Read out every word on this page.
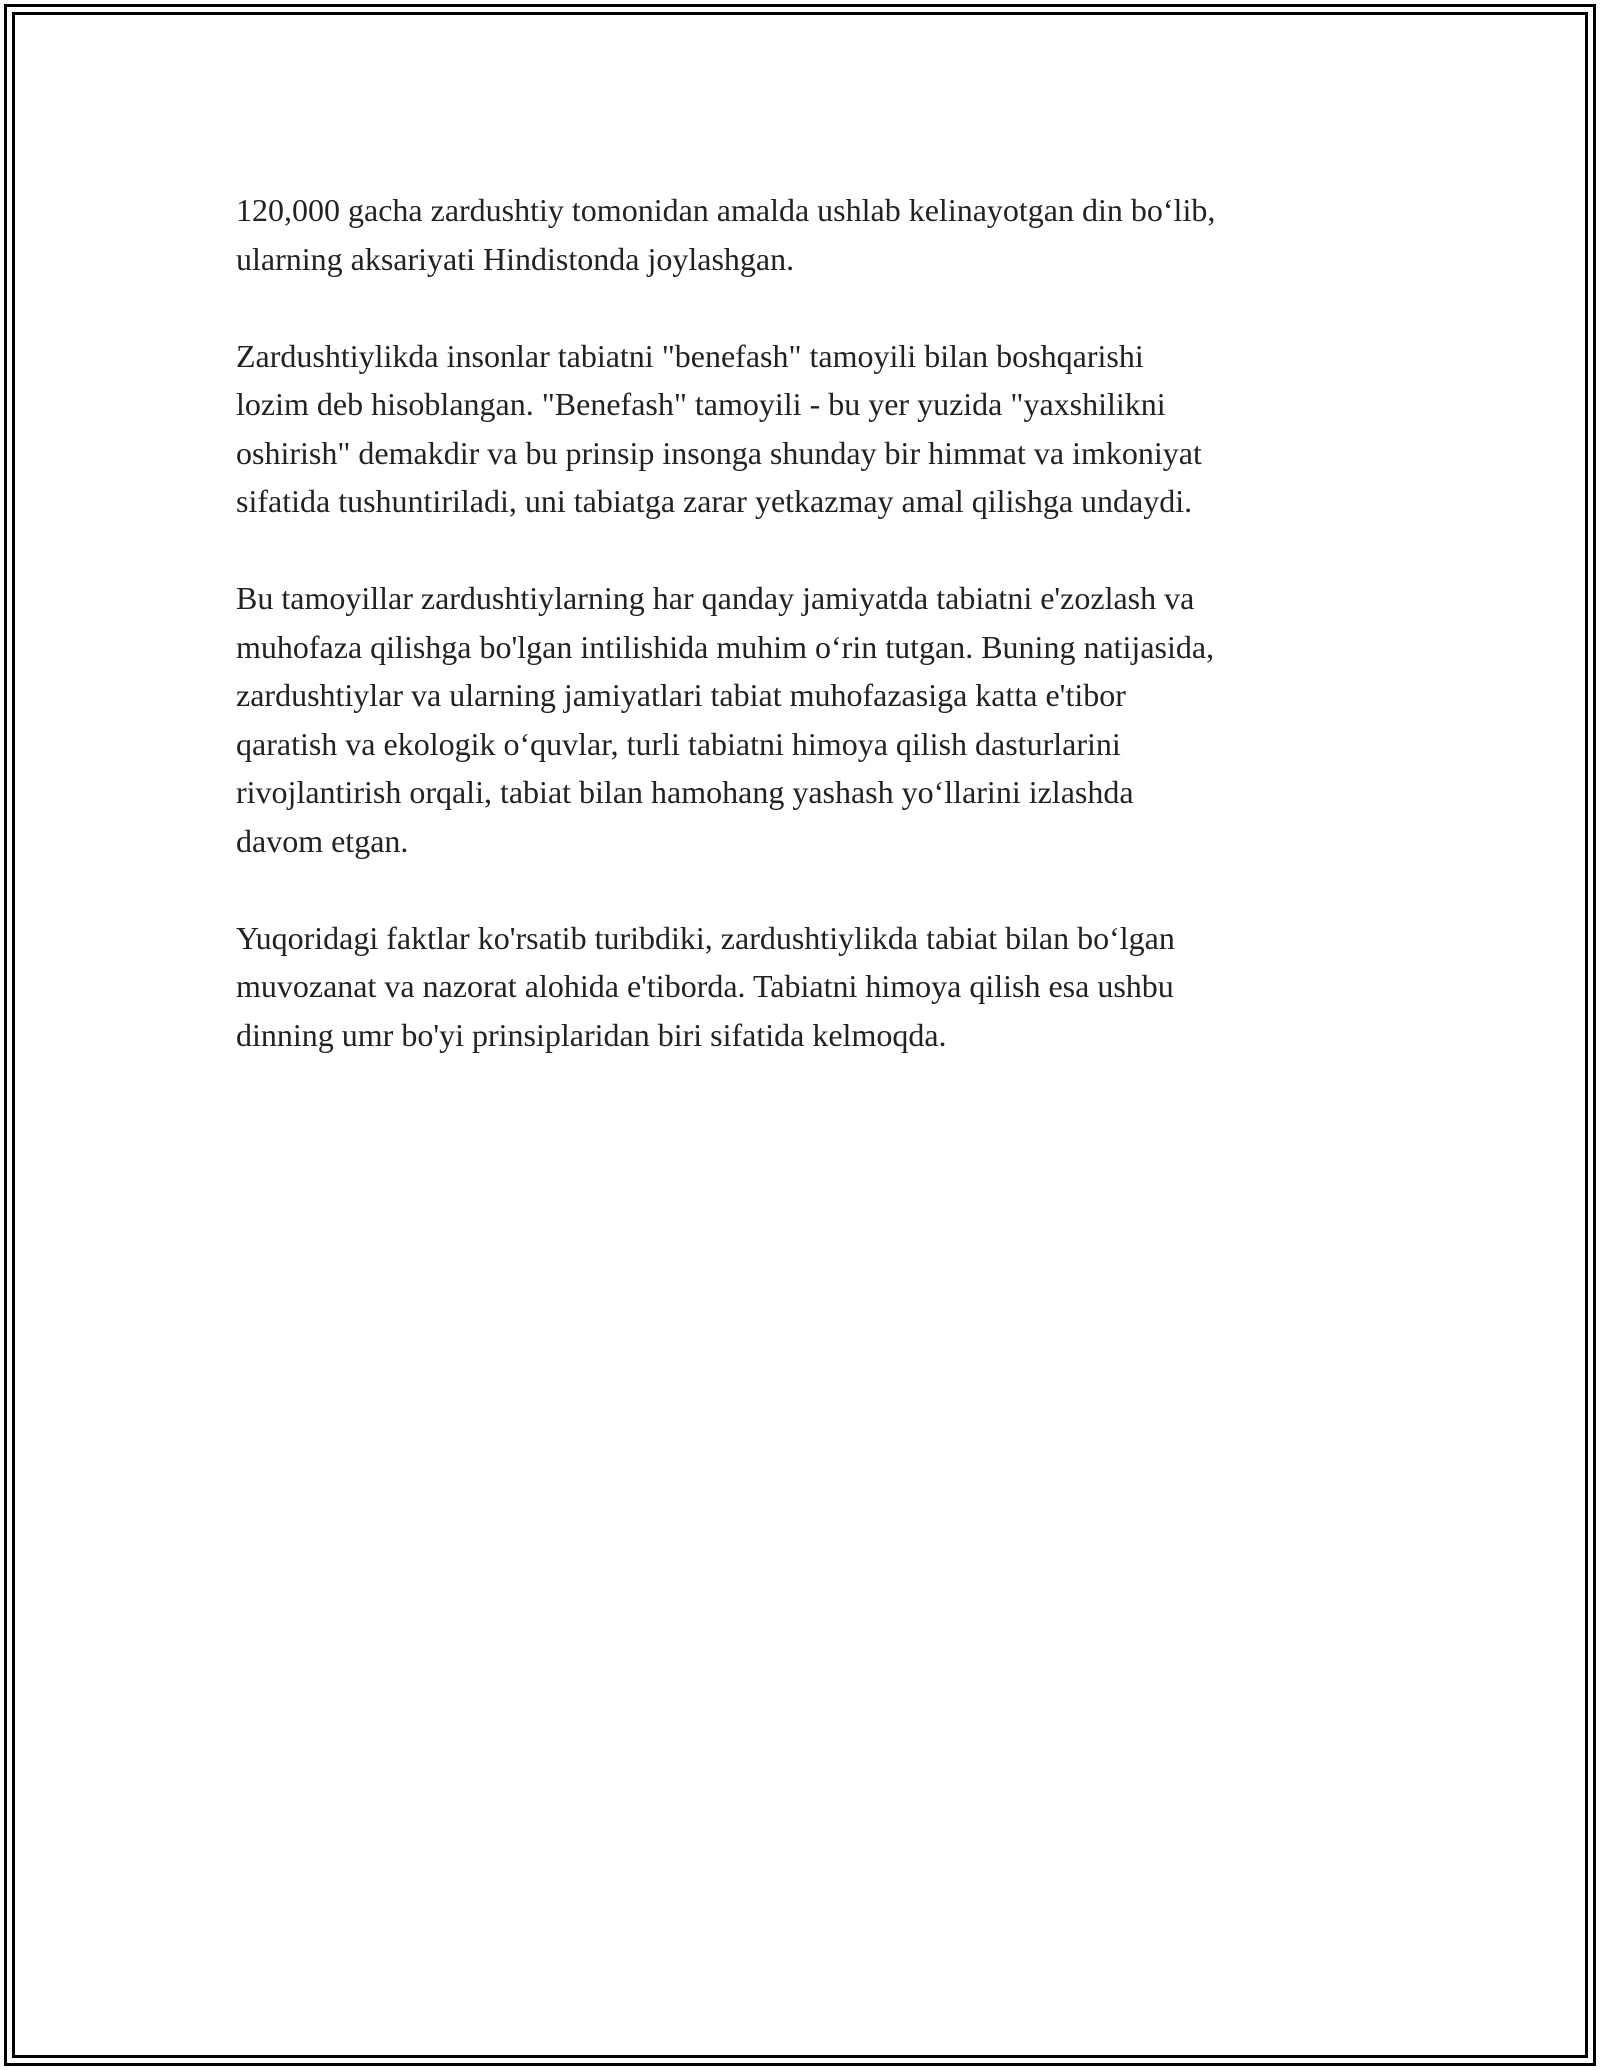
120,000 gacha zardushtiy tomonidan amalda ushlab kelinayotgan din bo‘lib,
ularning aksariyati Hindistonda joylashgan.

Zardushtiylikda insonlar tabiatni "benefash" tamoyili bilan boshqarishi
lozim deb hisoblangan. "Benefash" tamoyili - bu yer yuzida "yaxshilikni
oshirish" demakdir va bu prinsip insonga shunday bir himmat va imkoniyat
sifatida tushuntiriladi, uni tabiatga zarar yetkazmay amal qilishga undaydi.

Bu tamoyillar zardushtiylarning har qanday jamiyatda tabiatni e'zozlash va
muhofaza qilishga bo'lgan intilishida muhim o‘rin tutgan. Buning natijasida,
zardushtiylar va ularning jamiyatlari tabiat muhofazasiga katta e'tibor
qaratish va ekologik o‘quvlar, turli tabiatni himoya qilish dasturlarini
rivojlantirish orqali, tabiat bilan hamohang yashash yo‘llarini izlashda
davom etgan.

Yuqoridagi faktlar ko'rsatib turibdiki, zardushtiylikda tabiat bilan bo‘lgan
muvozanat va nazorat alohida e'tiborda. Tabiatni himoya qilish esa ushbu
dinning umr bo'yi prinsiplaridan biri sifatida kelmoqda.
